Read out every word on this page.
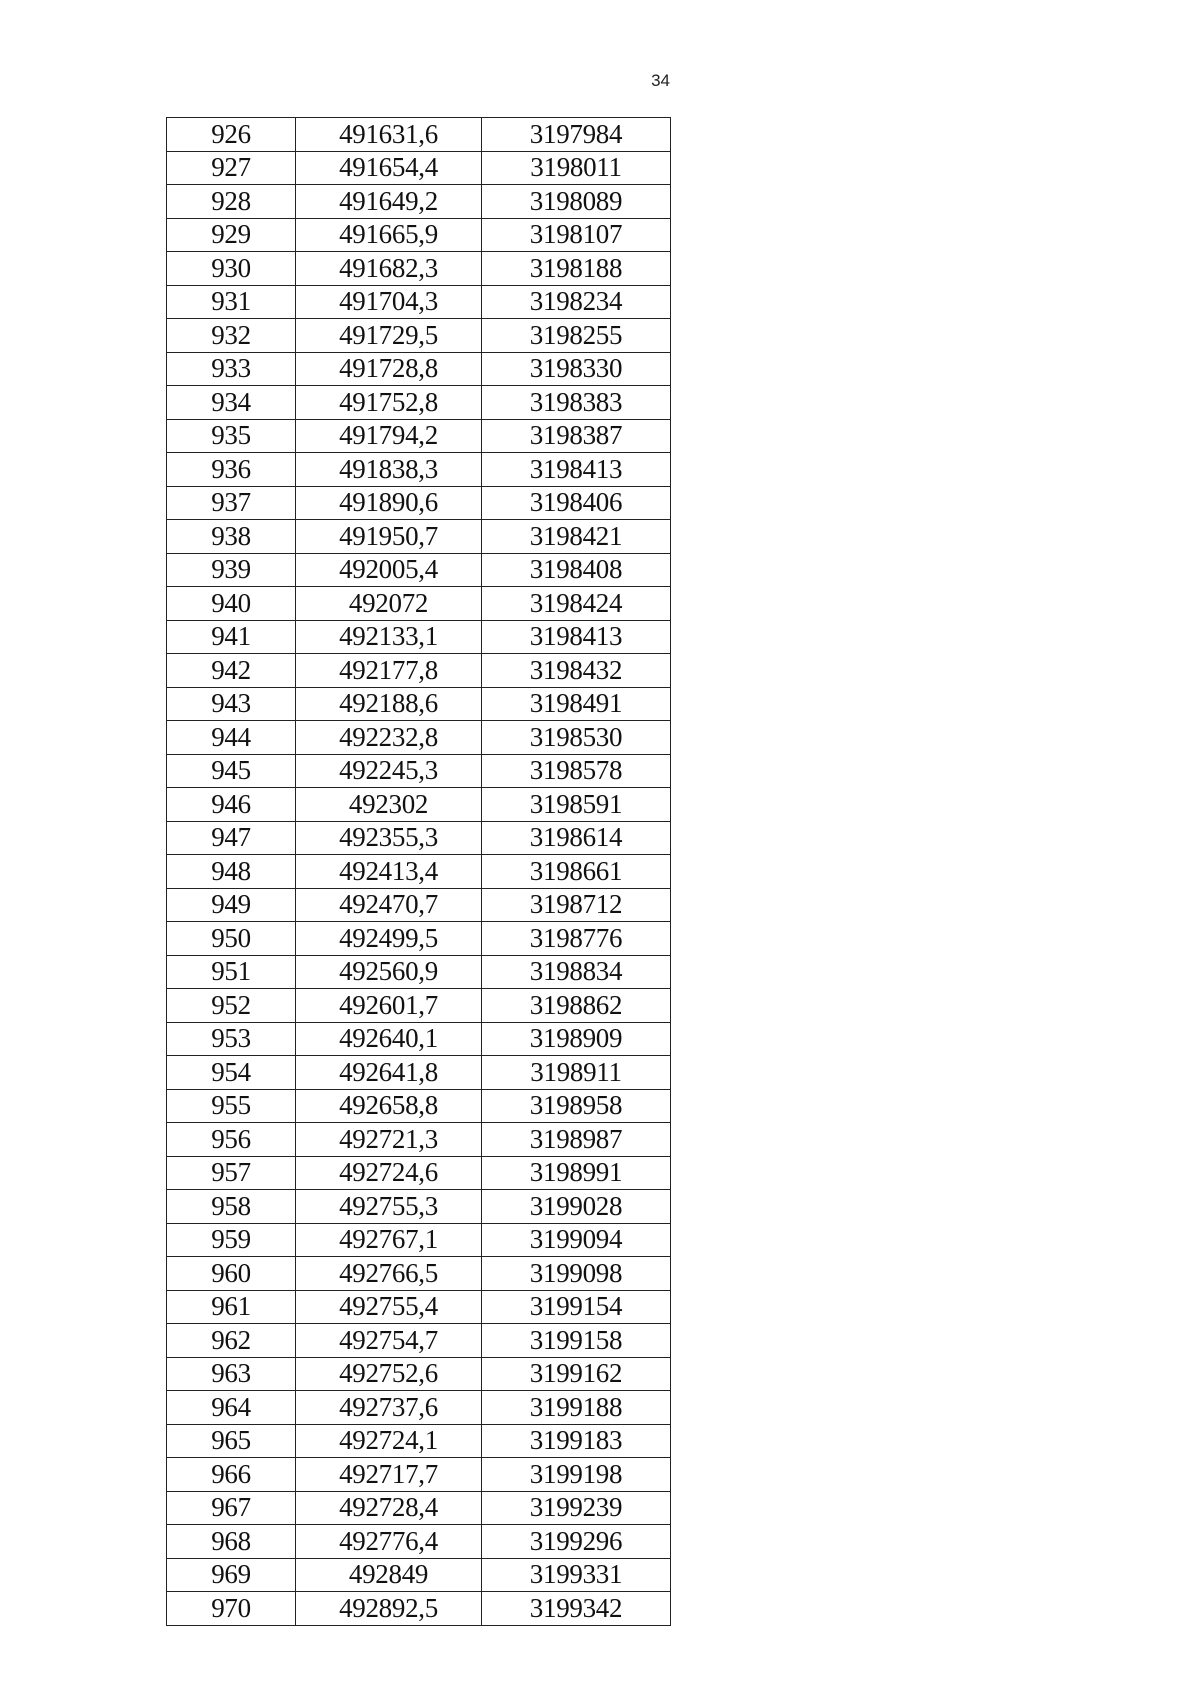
34
926	491631,6	3197984
927	491654,4	3198011
928	491649,2	3198089
929	491665,9	3198107
930	491682,3	3198188
931	491704,3	3198234
932	491729,5	3198255
933	491728,8	3198330
934	491752,8	3198383
935	491794,2	3198387
936	491838,3	3198413
937	491890,6	3198406
938	491950,7	3198421
939	492005,4	3198408
940	492072	3198424
941	492133,1	3198413
942	492177,8	3198432
943	492188,6	3198491
944	492232,8	3198530
945	492245,3	3198578
946	492302	3198591
947	492355,3	3198614
948	492413,4	3198661
949	492470,7	3198712
950	492499,5	3198776
951	492560,9	3198834
952	492601,7	3198862
953	492640,1	3198909
954	492641,8	3198911
955	492658,8	3198958
956	492721,3	3198987
957	492724,6	3198991
958	492755,3	3199028
959	492767,1	3199094
960	492766,5	3199098
961	492755,4	3199154
962	492754,7	3199158
963	492752,6	3199162
964	492737,6	3199188
965	492724,1	3199183
966	492717,7	3199198
967	492728,4	3199239
968	492776,4	3199296
969	492849	3199331
970	492892,5	3199342
